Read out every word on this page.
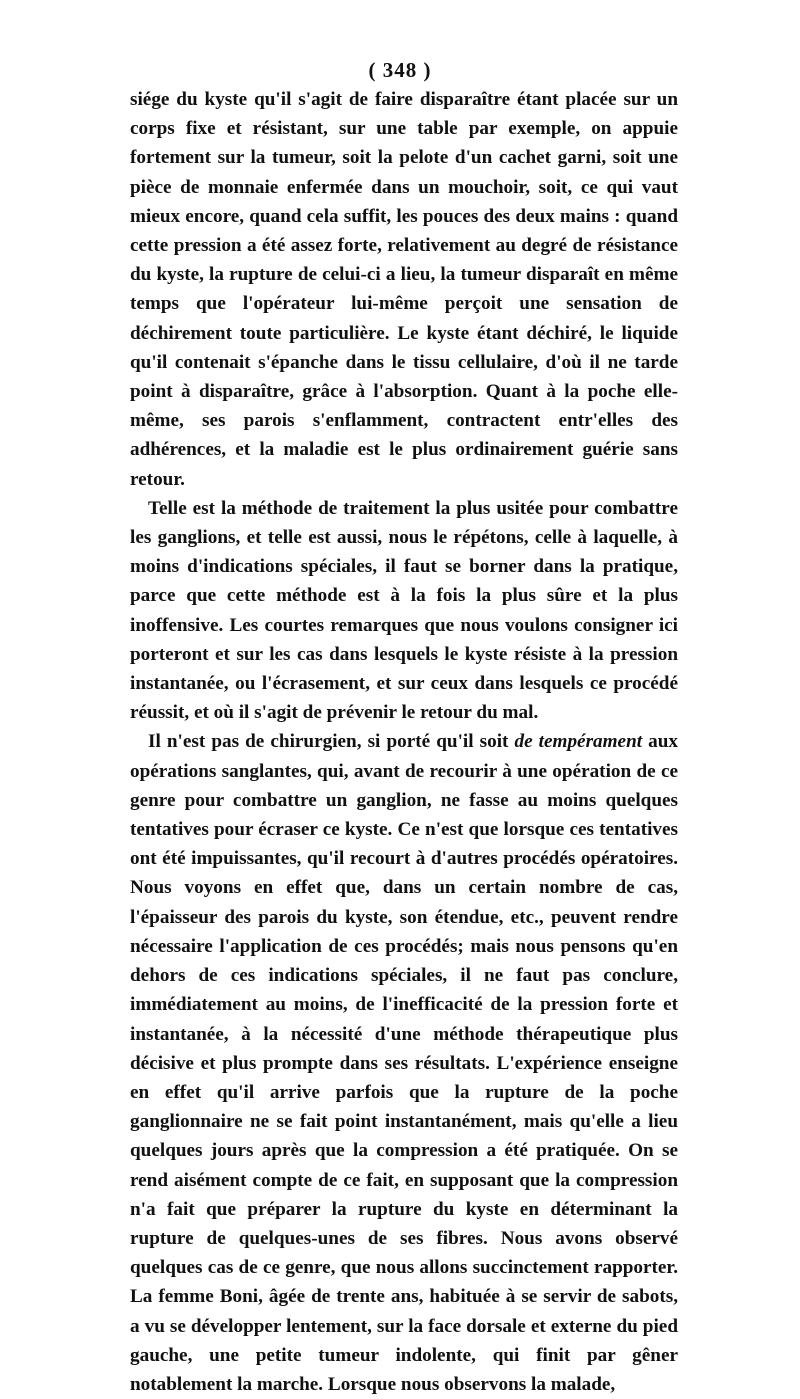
( 348 )

siége du kyste qu'il s'agit de faire disparaître étant placée sur un corps fixe et résistant, sur une table par exemple, on appuie fortement sur la tumeur, soit la pelote d'un cachet garni, soit une pièce de monnaie enfermée dans un mouchoir, soit, ce qui vaut mieux encore, quand cela suffit, les pouces des deux mains : quand cette pression a été assez forte, relativement au degré de résistance du kyste, la rupture de celui-ci a lieu, la tumeur disparaît en même temps que l'opérateur lui-même perçoit une sensation de déchirement toute particulière. Le kyste étant déchiré, le liquide qu'il contenait s'épanche dans le tissu cellulaire, d'où il ne tarde point à disparaître, grâce à l'absorption. Quant à la poche elle-même, ses parois s'enflamment, contractent entr'elles des adhérences, et la maladie est le plus ordinairement guérie sans retour.

Telle est la méthode de traitement la plus usitée pour combattre les ganglions, et telle est aussi, nous le répétons, celle à laquelle, à moins d'indications spéciales, il faut se borner dans la pratique, parce que cette méthode est à la fois la plus sûre et la plus inoffensive. Les courtes remarques que nous voulons consigner ici porteront et sur les cas dans lesquels le kyste résiste à la pression instantanée, ou l'écrasement, et sur ceux dans lesquels ce procédé réussit, et où il s'agit de prévenir le retour du mal.

Il n'est pas de chirurgien, si porté qu'il soit de tempérament aux opérations sanglantes, qui, avant de recourir à une opération de ce genre pour combattre un ganglion, ne fasse au moins quelques tentatives pour écraser ce kyste. Ce n'est que lorsque ces tentatives ont été impuissantes, qu'il recourt à d'autres procédés opératoires. Nous voyons en effet que, dans un certain nombre de cas, l'épaisseur des parois du kyste, son étendue, etc., peuvent rendre nécessaire l'application de ces procédés; mais nous pensons qu'en dehors de ces indications spéciales, il ne faut pas conclure, immédiatement au moins, de l'inefficacité de la pression forte et instantanée, à la nécessité d'une méthode thérapeutique plus décisive et plus prompte dans ses résultats. L'expérience enseigne en effet qu'il arrive parfois que la rupture de la poche ganglionnaire ne se fait point instantanément, mais qu'elle a lieu quelques jours après que la compression a été pratiquée. On se rend aisément compte de ce fait, en supposant que la compression n'a fait que préparer la rupture du kyste en déterminant la rupture de quelques-unes de ses fibres. Nous avons observé quelques cas de ce genre, que nous allons succinctement rapporter. La femme Boni, âgée de trente ans, habituée à se servir de sabots, a vu se développer lentement, sur la face dorsale et externe du pied gauche, une petite tumeur indolente, qui finit par gêner notablement la marche. Lorsque nous observons la malade,
